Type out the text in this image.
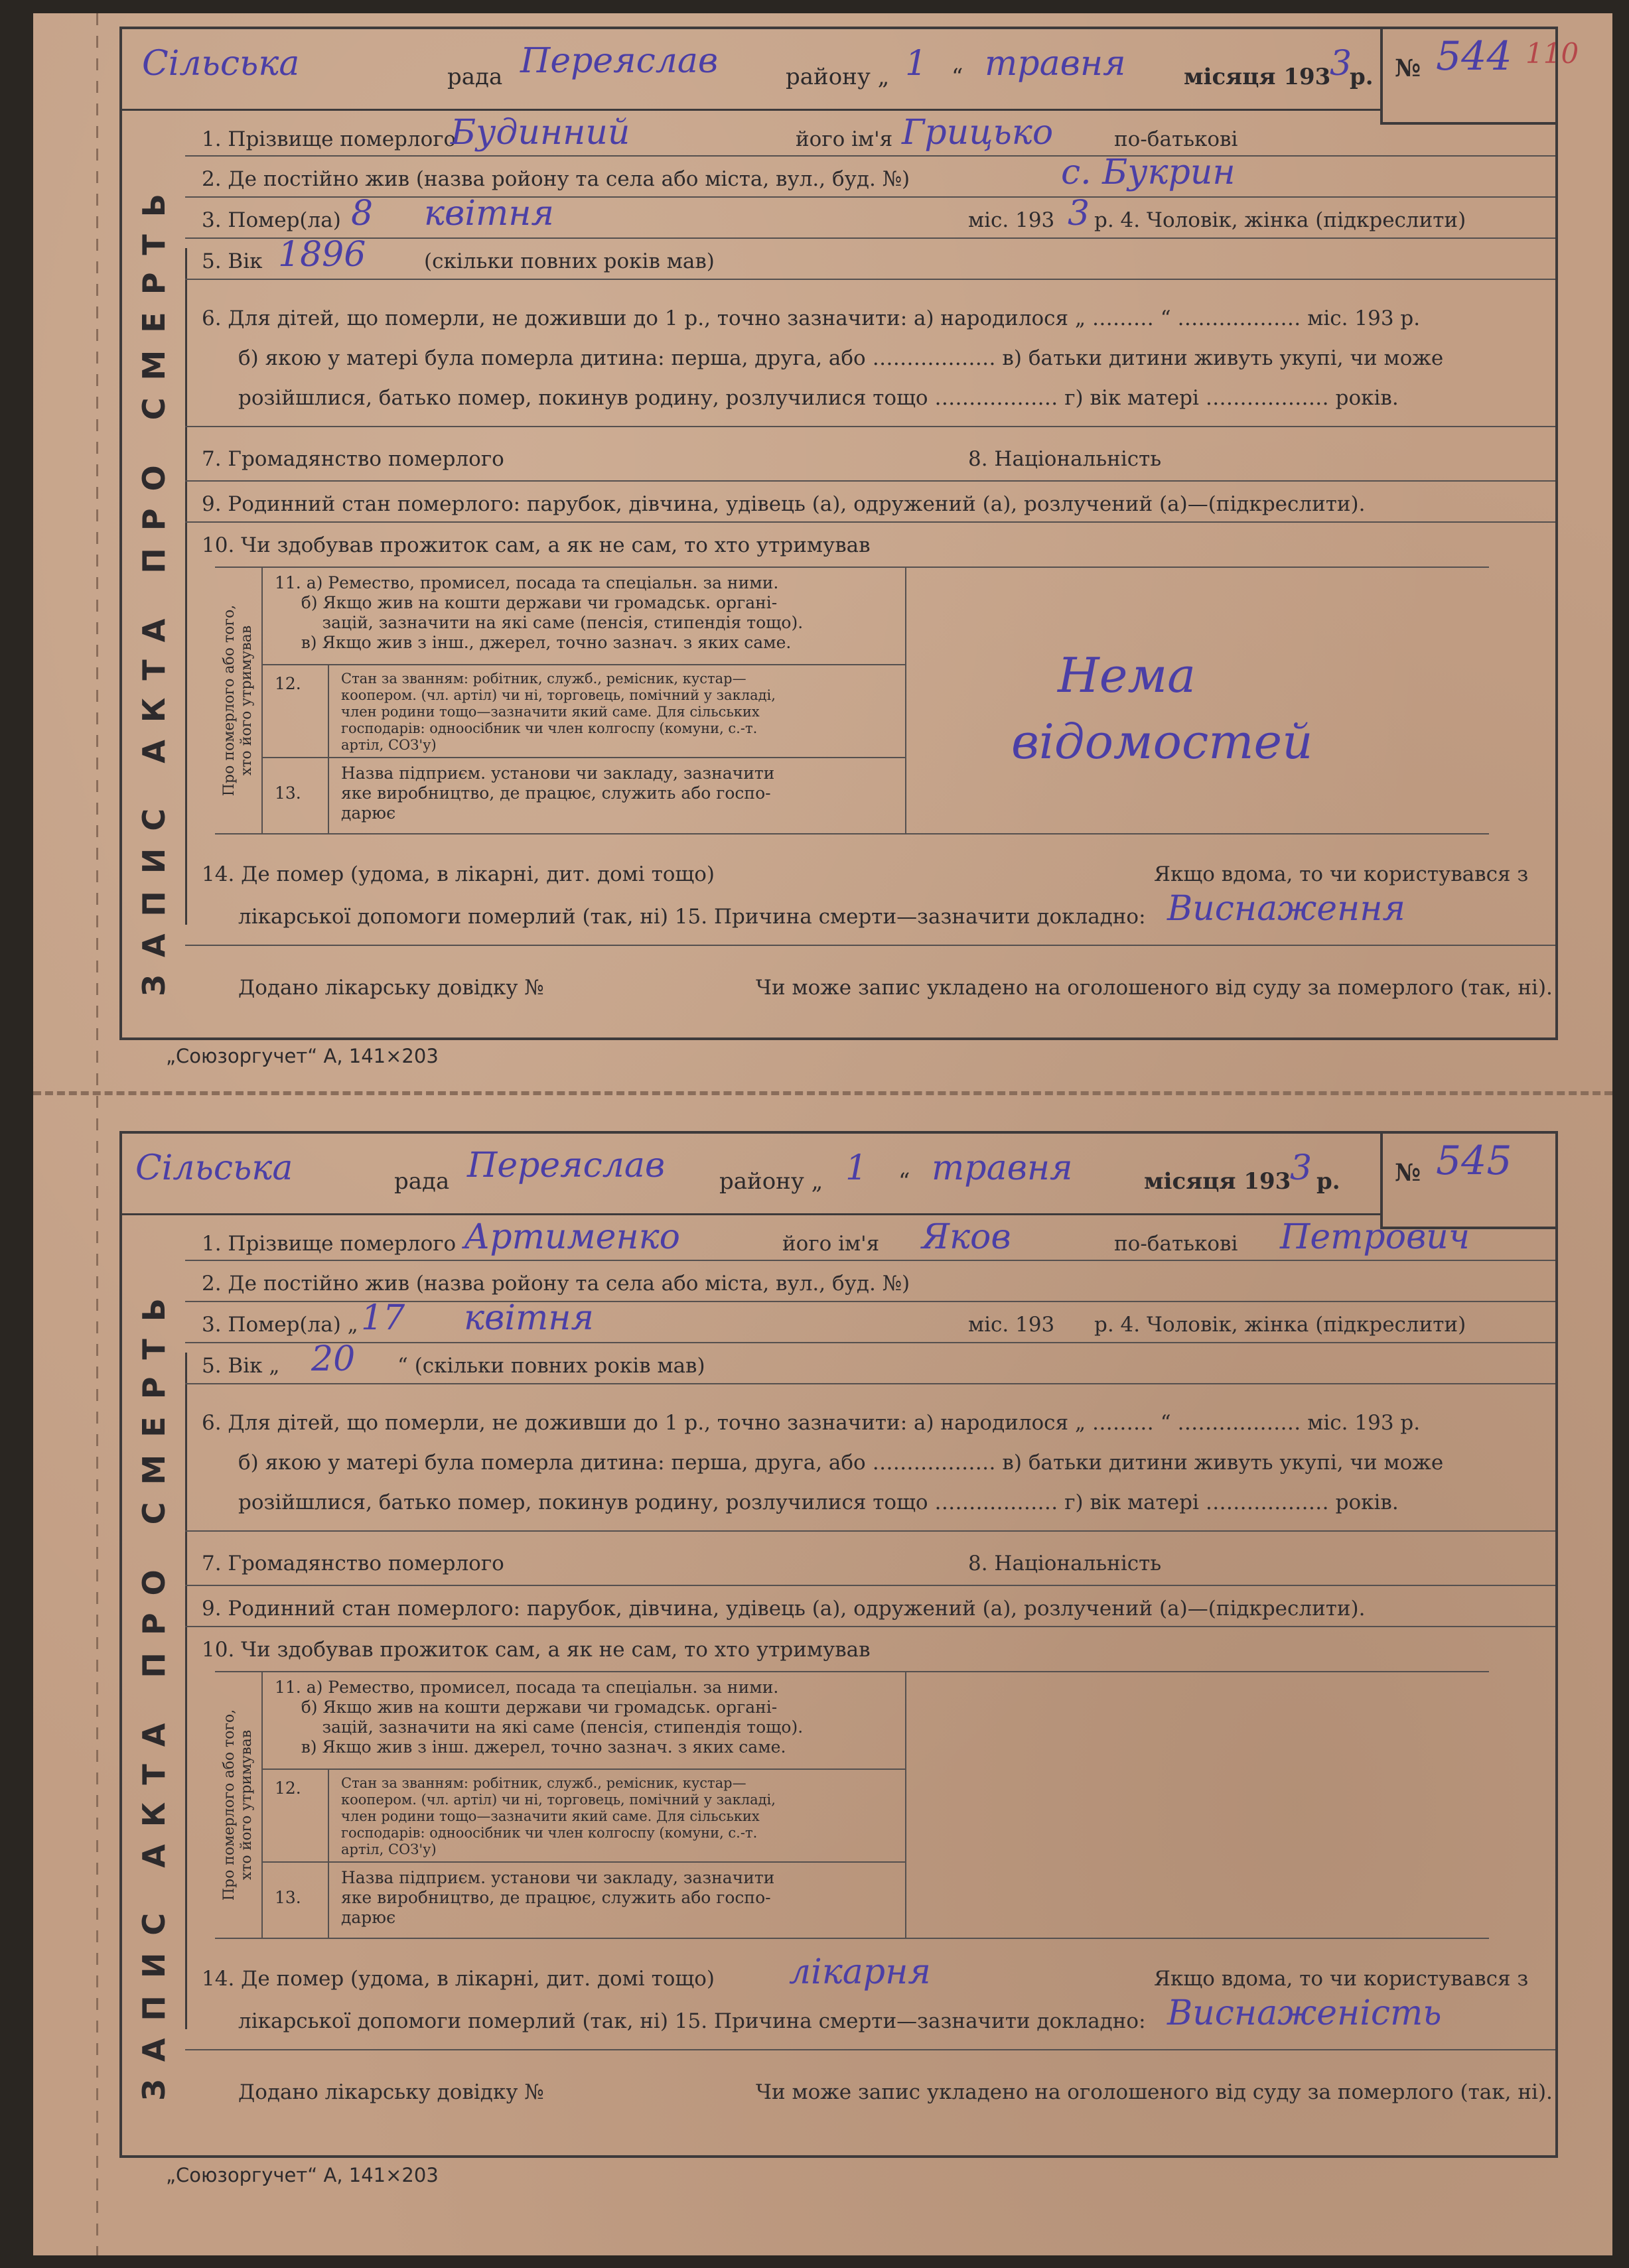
Сільська	рада Переяслав	району „ 1 “ травня	місяця 193
3
р. № 544 110
ЗАПИС АКТА ПРО СМЕРТЬ
1. Прізвище померлого
Будинний	його ім'я Грицько	по-батькові
2. Де постійно жив (назва ройону та села або міста, вул., буд. №)	с. Букрин
3. Помер(ла) 8 квітня	міс. 193 3 р. 4. Чоловік, жінка (підкреслити)
5. Вік 1896	(скільки повних років мав)
6. Для дітей, що померли, не доживши до 1 р., точно зазначити: а) народилося „ ……… “ ……………… міс. 193 р.
б) якою у матері була померла дитина: перша, друга, або ……………… в) батьки дитини живуть укупі, чи може
розійшлися, батько помер, покинув родину, розлучилися тощо ……………… г) вік матері ……………… років.
7. Громадянство померлого	8. Національність
9. Родинний стан померлого: парубок, дівчина, удівець (а), одружений (а), розлучений (а)—(підкреслити).
10. Чи здобував прожиток сам, а як не сам, то хто утримував
Про померлого або того,
хто його утримував
11. а) Ремество, промисел, посада та спеціальн. за ними.
б) Якщо жив на кошти держави чи громадськ. органі-
зацій, зазначити на які саме (пенсія, стипендія тощо).
в) Якщо жив з інш., джерел, точно зазнач. з яких саме.
12.	Стан за званням: робітник, служб., ремісник, кустар—
коопером. (чл. артіл) чи ні, торговець, помічний у закладі,
член родини тощо—зазначити який саме. Для сільських
господарів: одноосібник чи член колгоспу (комуни, с.-т.
артіл, СОЗ'у)
13.
Назва підприєм. установи чи закладу, зазначити
яке виробництво, де працює, служить або госпо-
дарює
Нема
відомостей
14. Де помер (удома, в лікарні, дит. домі тощо)	Якщо вдома, то чи користувався з
лікарської допомоги померлий (так, ні) 15. Причина смерти—зазначити докладно: Виснаження
Додано лікарську довідку №	Чи може запис укладено на оголошеного від суду за померлого (так, ні).
„Союзоргучет“ А, 141×203
Сільська	рада Переяслав району „ 1 “ травня	місяця 193
3 р. № 545
ЗАПИС АКТА ПРО СМЕРТЬ
1. Прізвище померлого Артименко	його ім'я Яков	по-батькові Петрович
2. Де постійно жив (назва ройону та села або міста, вул., буд. №)
3. Помер(ла) „ 17 квітня	міс. 193 р. 4. Чоловік, жінка (підкреслити)
5. Вік „ 20 “ (скільки повних років мав)
6. Для дітей, що померли, не доживши до 1 р., точно зазначити: а) народилося „ ……… “ ……………… міс. 193 р.
б) якою у матері була померла дитина: перша, друга, або ……………… в) батьки дитини живуть укупі, чи може
розійшлися, батько помер, покинув родину, розлучилися тощо ……………… г) вік матері ……………… років.
7. Громадянство померлого	8. Національність
9. Родинний стан померлого: парубок, дівчина, удівець (а), одружений (а), розлучений (а)—(підкреслити).
10. Чи здобував прожиток сам, а як не сам, то хто утримував
Про померлого або того,
хто його утримував
11. а) Ремество, промисел, посада та спеціальн. за ними.
б) Якщо жив на кошти держави чи громадськ. органі-
зацій, зазначити на які саме (пенсія, стипендія тощо).
в) Якщо жив з інш. джерел, точно зазнач. з яких саме.
12.	Стан за званням: робітник, служб., ремісник, кустар—
коопером. (чл. артіл) чи ні, торговець, помічний у закладі,
член родини тощо—зазначити який саме. Для сільських
господарів: одноосібник чи член колгоспу (комуни, с.-т.
артіл, СОЗ'у)
13.
Назва підприєм. установи чи закладу, зазначити
яке виробництво, де працює, служить або госпо-
дарює
14. Де помер (удома, в лікарні, дит. домі тощо) лікарня	Якщо вдома, то чи користувався з
лікарської допомоги померлий (так, ні) 15. Причина смерти—зазначити докладно: Виснаженість
Додано лікарську довідку №	Чи може запис укладено на оголошеного від суду за померлого (так, ні).
„Союзоргучет“ А, 141×203
